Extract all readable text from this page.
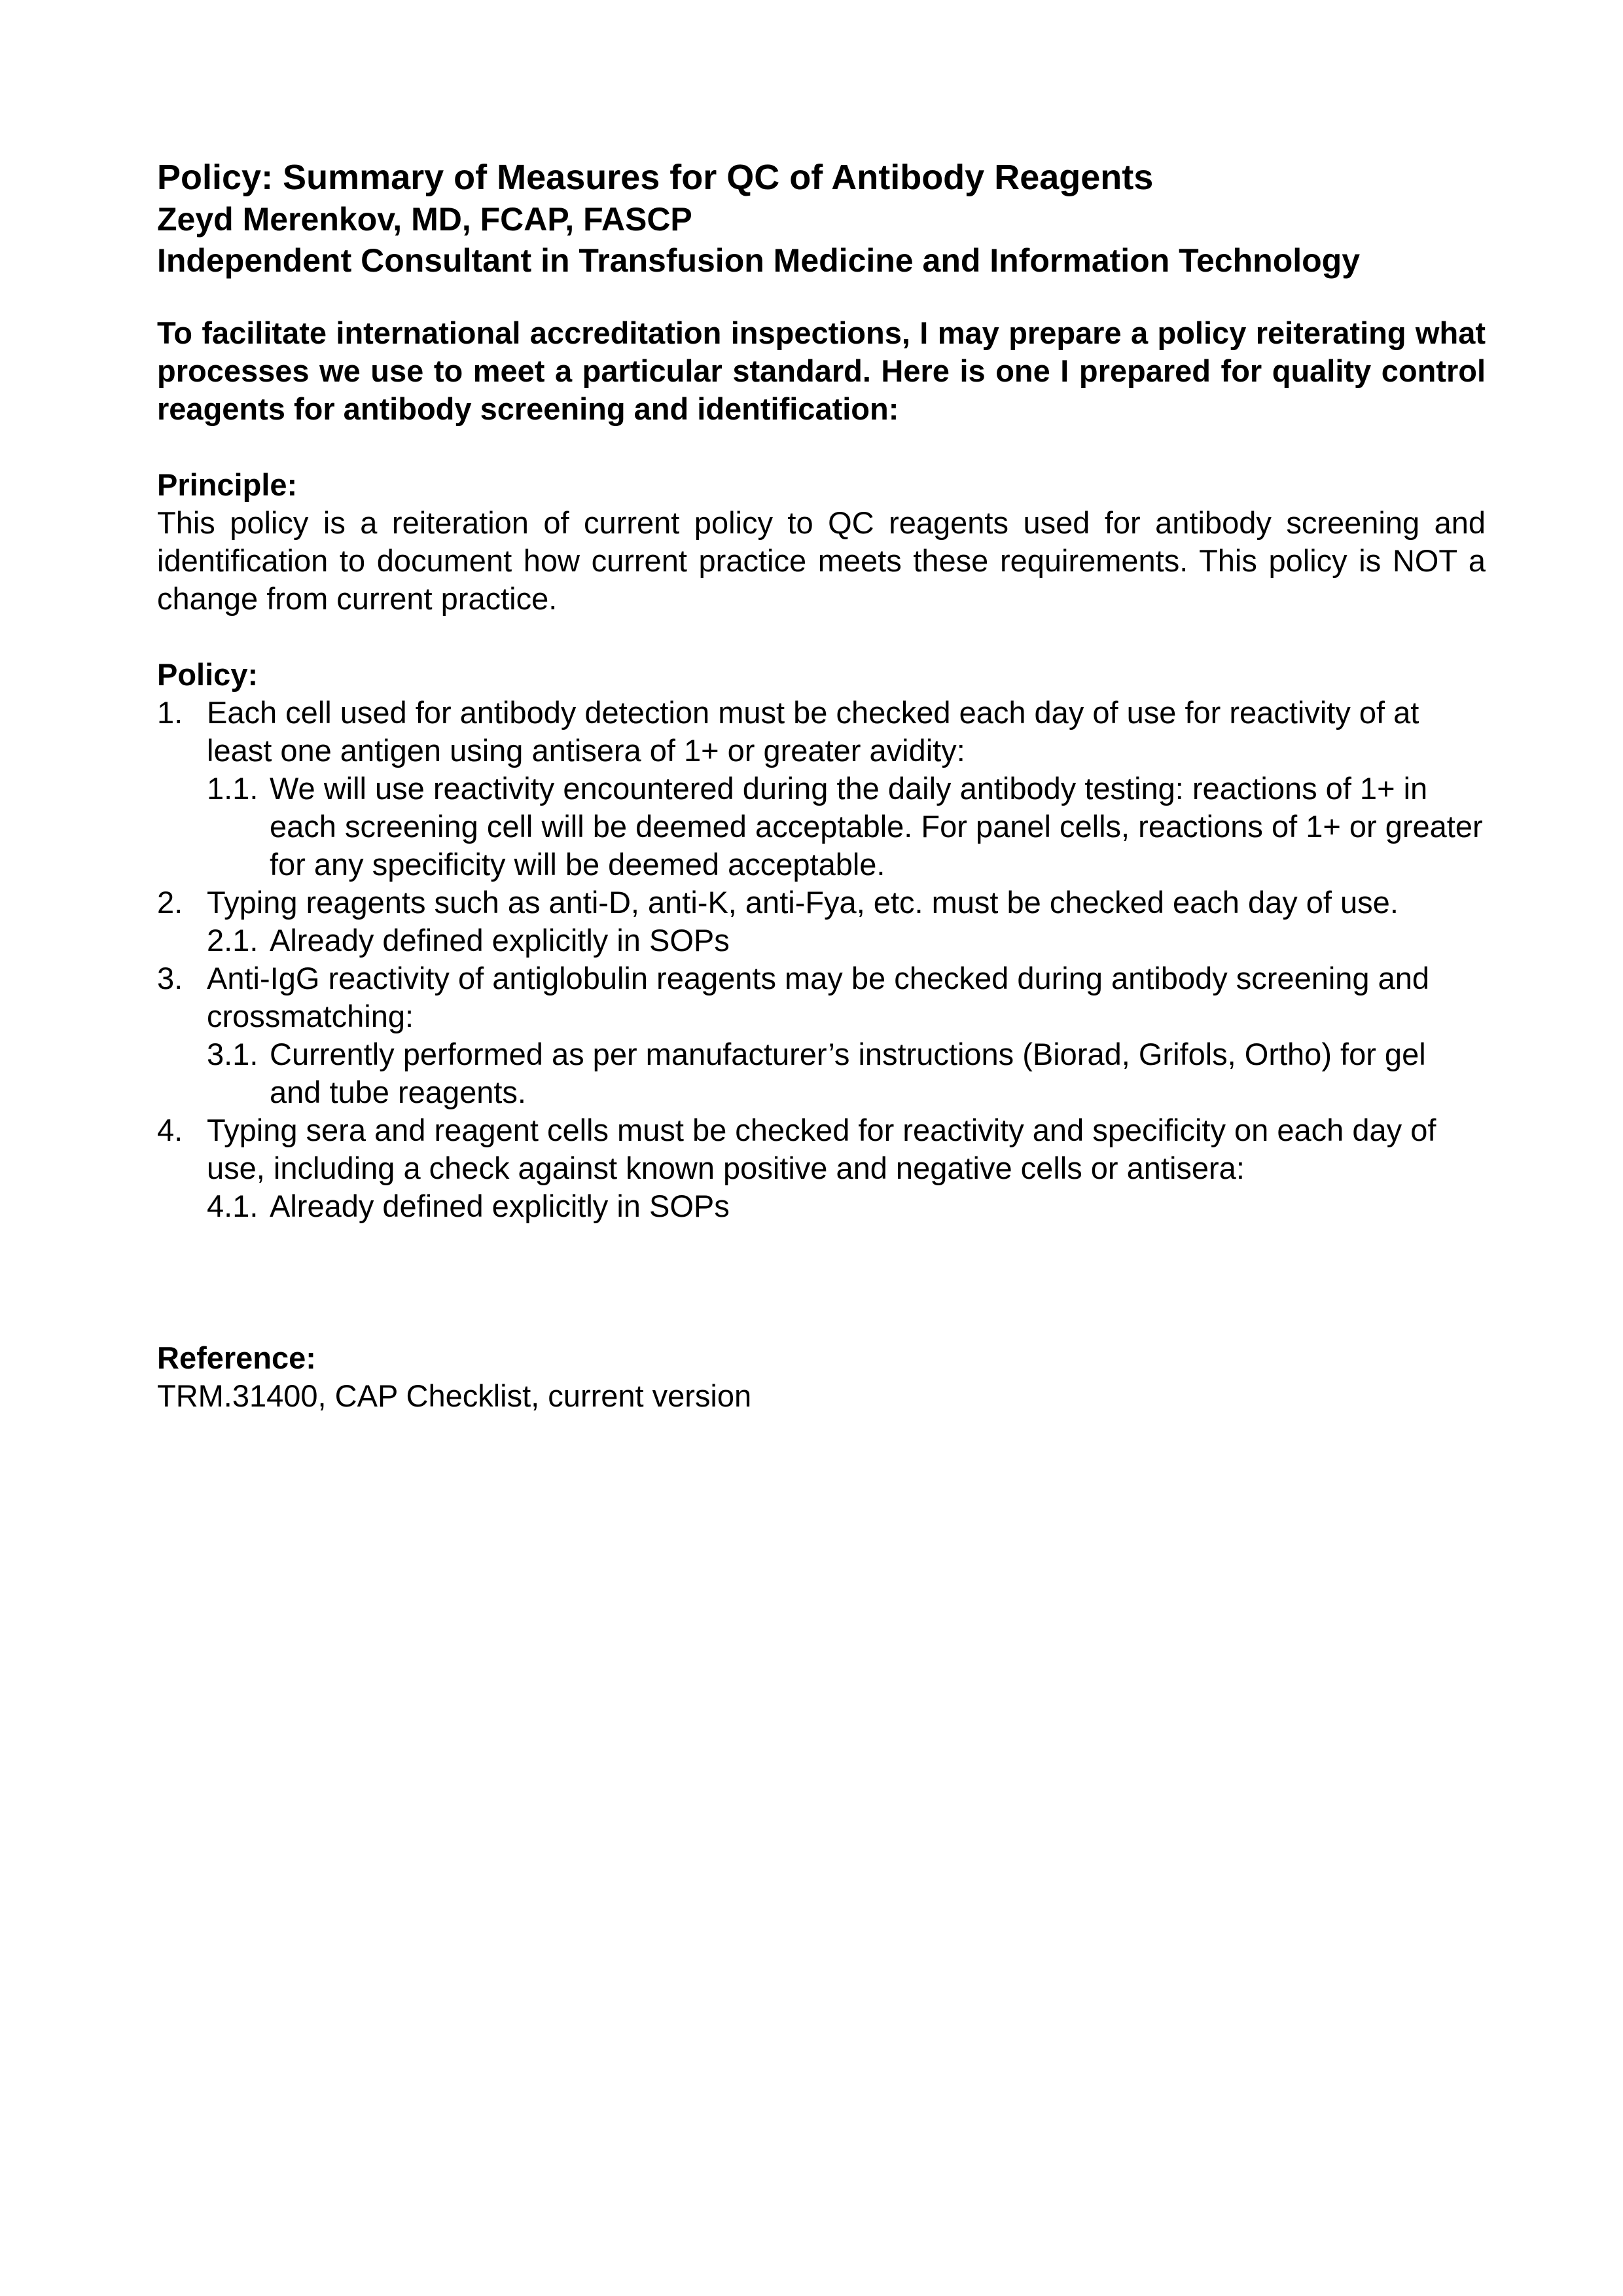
Policy: Summary of Measures for QC of Antibody Reagents

Zeyd Merenkov, MD, FCAP, FASCP

Independent Consultant in Transfusion Medicine and Information Technology

To facilitate international accreditation inspections, I may prepare a policy reiterating what processes we use to meet a particular standard. Here is one I prepared for quality control reagents for antibody screening and identification:

Principle:

This policy is a reiteration of current policy to QC reagents used for antibody screening and identification to document how current practice meets these requirements. This policy is NOT a change from current practice.

Policy:
1. Each cell used for antibody detection must be checked each day of use for reactivity of at least one antigen using antisera of 1+ or greater avidity:
1.1. We will use reactivity encountered during the daily antibody testing: reactions of 1+ in each screening cell will be deemed acceptable. For panel cells, reactions of 1+ or greater for any specificity will be deemed acceptable.
2. Typing reagents such as anti-D, anti-K, anti-Fya, etc. must be checked each day of use.
2.1. Already defined explicitly in SOPs
3. Anti-IgG reactivity of antiglobulin reagents may be checked during antibody screening and crossmatching:
3.1. Currently performed as per manufacturer’s instructions (Biorad, Grifols, Ortho) for gel and tube reagents.
4. Typing sera and reagent cells must be checked for reactivity and specificity on each day of use, including a check against known positive and negative cells or antisera:
4.1. Already defined explicitly in SOPs
Reference:

TRM.31400, CAP Checklist, current version
